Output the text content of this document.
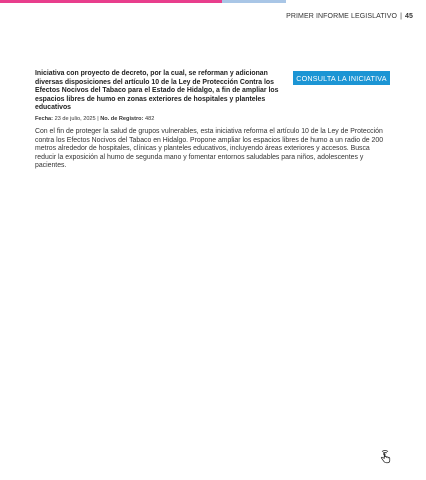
PRIMER INFORME LEGISLATIVO | 45

Iniciativa con proyecto de decreto, por la cual, se reforman y adicionan diversas disposiciones del artículo 10 de la Ley de Protección Contra los Efectos Nocivos del Tabaco para el Estado de Hidalgo, a fin de ampliar los espacios libres de humo en zonas exteriores de hospitales y planteles educativos

CONSULTA LA INICIATIVA
Fecha: 23 de julio, 2025 | No. de Registro: 482

Con el fin de proteger la salud de grupos vulnerables, esta iniciativa reforma el artículo 10 de la Ley de Protección contra los Efectos Nocivos del Tabaco en Hidalgo. Propone ampliar los espacios libres de humo a un radio de 200 metros alrededor de hospitales, clínicas y planteles educativos, incluyendo áreas exteriores y accesos. Busca reducir la exposición al humo de segunda mano y fomentar entornos saludables para niños, adolescentes y pacientes.
